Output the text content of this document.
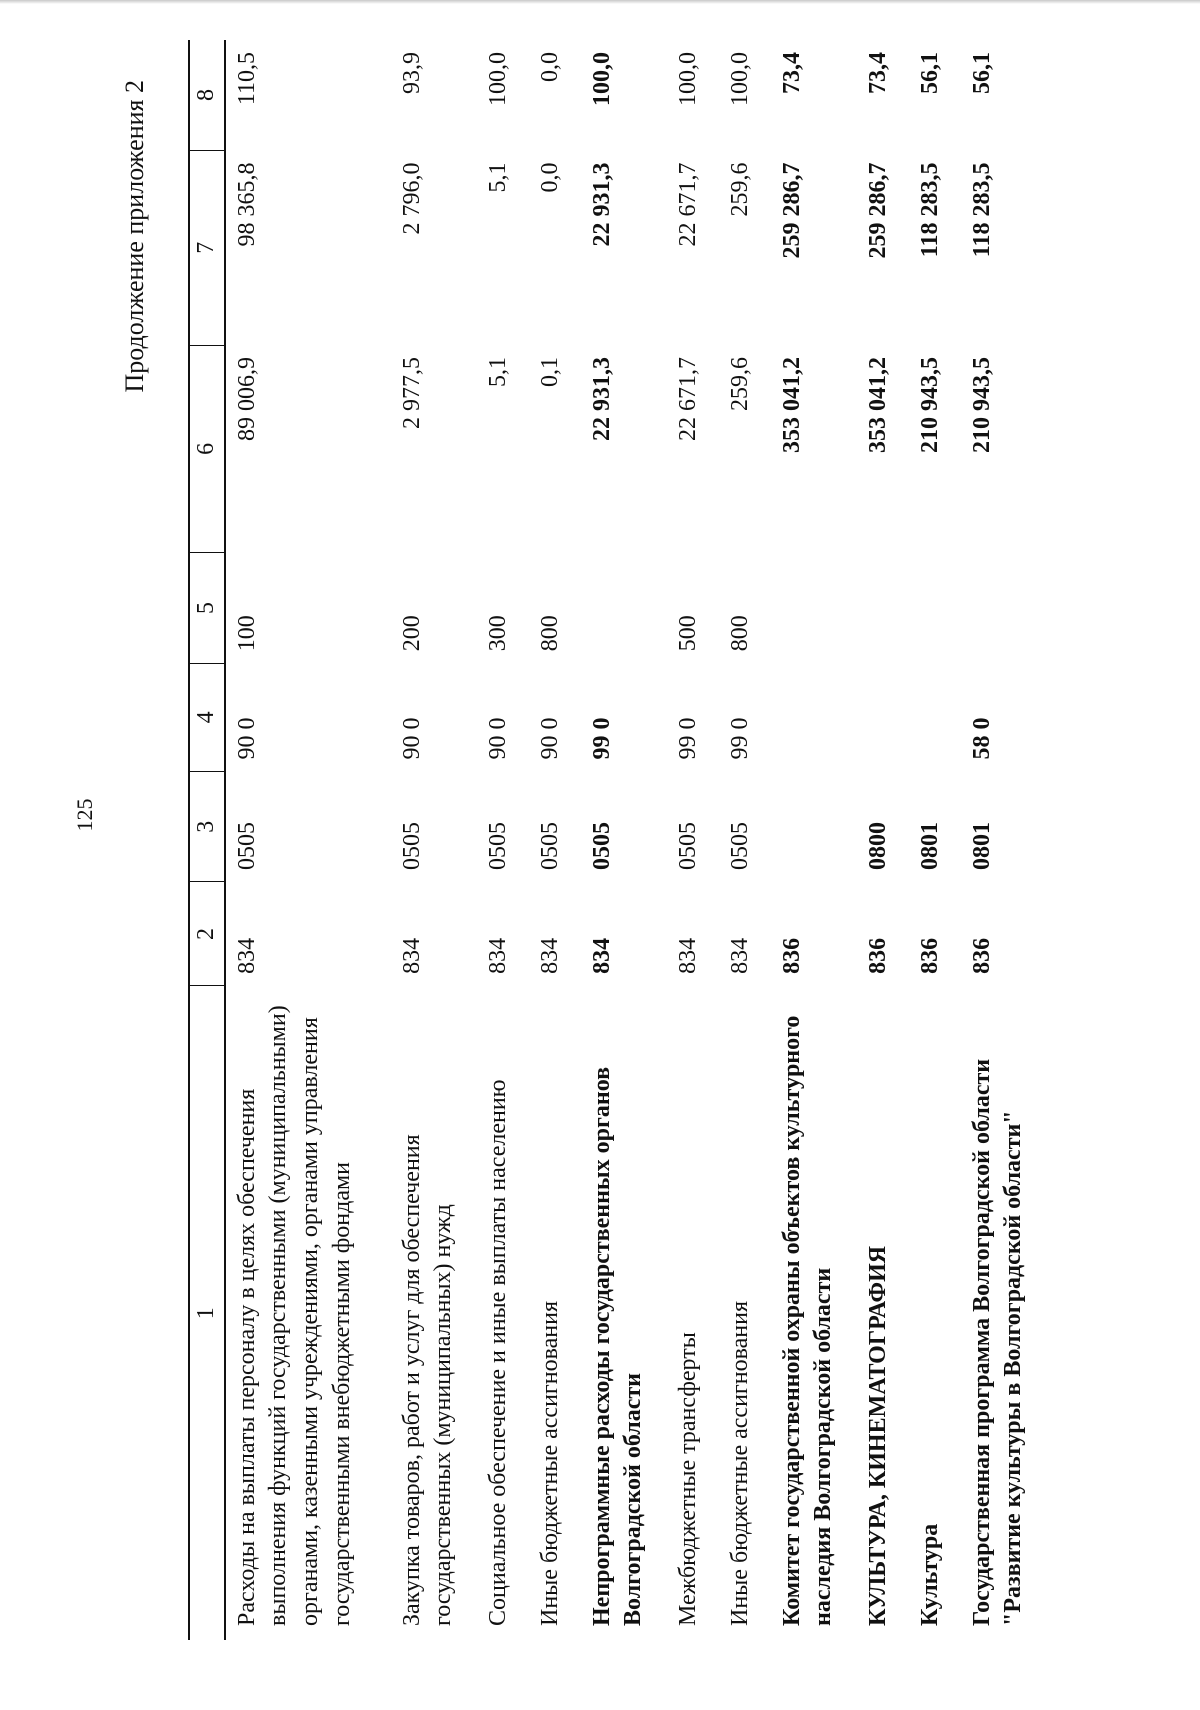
125
Продолжение приложения 2
1	2	3	4	5	6	7	8
Расходы на выплаты персоналу в целях обеспечения выполнения функций государственными (муниципальными) органами, казенными учреждениями, органами управления государственными внебюджетными фондами	834	0505	90 0	100	89 006,9	98 365,8	110,5
Закупка товаров, работ и услуг для обеспечения государственных (муниципальных) нужд	834	0505	90 0	200	2 977,5	2 796,0	93,9
Социальное обеспечение и иные выплаты населению	834	0505	90 0	300	5,1	5,1	100,0
Иные бюджетные ассигнования	834	0505	90 0	800	0,1	0,0	0,0
Непрограммные расходы государственных органов Волгоградской области	834	0505	99 0		22 931,3	22 931,3	100,0
Межбюджетные трансферты	834	0505	99 0	500	22 671,7	22 671,7	100,0
Иные бюджетные ассигнования	834	0505	99 0	800	259,6	259,6	100,0
Комитет государственной охраны объектов культурного наследия Волгоградской области	836				353 041,2	259 286,7	73,4
КУЛЬТУРА, КИНЕМАТОГРАФИЯ	836	0800			353 041,2	259 286,7	73,4
Культура	836	0801			210 943,5	118 283,5	56,1
Государственная программа Волгоградской области "Развитие культуры в Волгоградской области"	836	0801	58 0		210 943,5	118 283,5	56,1
